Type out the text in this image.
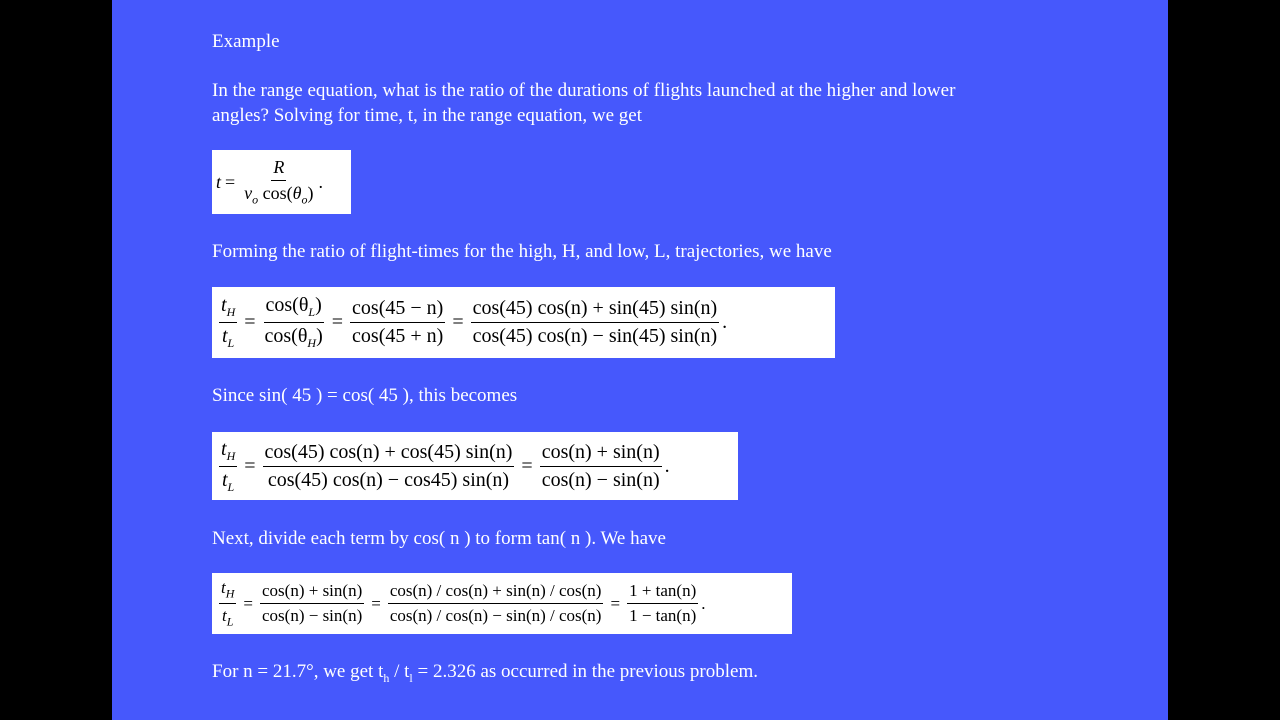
Example
In the range equation, what is the ratio of the durations of flights launched at the higher and lower
angles? Solving for time, t, in the range equation, we get
$t = \frac{R}{v_o \cos(\theta_o)}$ .
Forming the ratio of flight-times for the high, H, and low, L, trajectories, we have
$\frac{t_H}{t_L} = \frac{\cos(\theta_L)}{\cos(\theta_H)} = \frac{\cos(45 - n)}{\cos(45 + n)} = \frac{\cos(45) \cos(n) + \sin(45) \sin(n)}{\cos(45) \cos(n) - \sin(45) \sin(n)}$ .
Since sin( 45 ) = cos( 45 ), this becomes
$\frac{t_H}{t_L} = \frac{\cos(45) \cos(n) + \cos(45) \sin(n)}{\cos(45) \cos(n) - \cos 45) \sin(n)} = \frac{\cos(n) + \sin(n)}{\cos(n) - \sin(n)}$ .
Next, divide each term by cos( n ) to form tan( n ). We have
$\frac{t_H}{t_L} = \frac{\cos(n) + \sin(n)}{\cos(n) - \sin(n)} = \frac{\cos(n) / \cos(n) + \sin(n) / \cos(n)}{\cos(n) / \cos(n) - \sin(n) / \cos(n)} = \frac{1 + \tan(n)}{1 - \tan(n)}$ .
For n = 21.7°, we get $t_h / t_l = 2.326$ as occurred in the previous problem.
